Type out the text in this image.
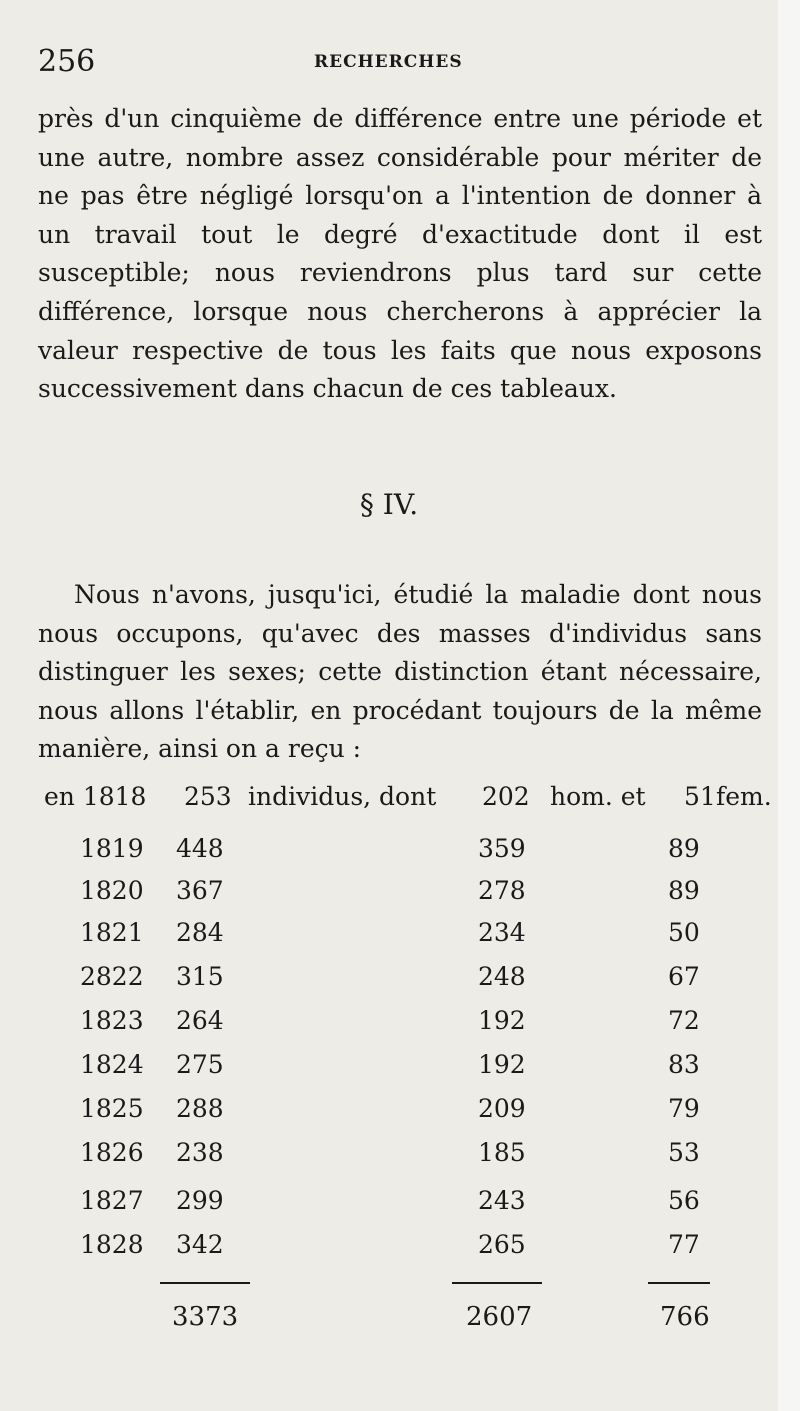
256	RECHERCHES
près d'un cinquième de différence entre une période et une autre, nombre assez considérable pour mériter de ne pas être négligé lorsqu'on a l'intention de donner à un travail tout le degré d'exactitude dont il est susceptible; nous reviendrons plus tard sur cette différence, lorsque nous chercherons à apprécier la valeur respective de tous les faits que nous exposons successivement dans chacun de ces tableaux.
§ IV.
Nous n'avons, jusqu'ici, étudié la maladie dont nous nous occupons, qu'avec des masses d'individus sans distinguer les sexes; cette distinction étant nécessaire, nous allons l'établir, en procédant toujours de la même manière, ainsi on a reçu :
en 1818 253 individus, dont 202 hom. et 51 fem.
1819 448	359	89
1820 367	278	89
1821 284	234	50
2822 315	248	67
1823 264	192	72
1824 275	192	83
1825 288	209	79
1826 238	185	53
1827 299	243	56
1828 342	265	77
3373	2607	766
